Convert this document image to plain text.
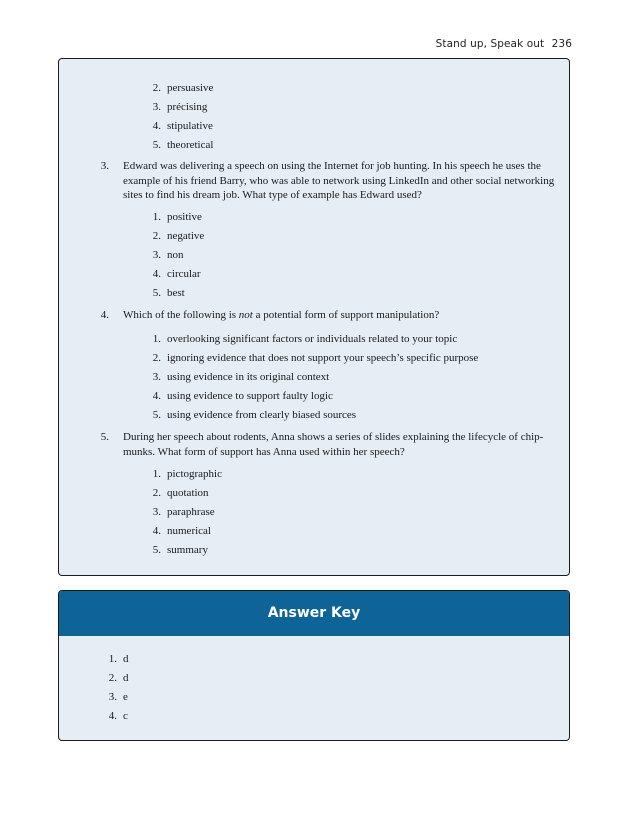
Stand up, Speak out 236
2. persuasive
3. précising
4. stipulative
5. theoretical
3. Edward was delivering a speech on using the Internet for job hunting. In his speech he uses the example of his friend Barry, who was able to network using LinkedIn and other social networking sites to find his dream job. What type of example has Edward used?
1. positive
2. negative
3. non
4. circular
5. best
4. Which of the following is not a potential form of support manipulation?
1. overlooking significant factors or individuals related to your topic
2. ignoring evidence that does not support your speech’s specific purpose
3. using evidence in its original context
4. using evidence to support faulty logic
5. using evidence from clearly biased sources
5. During her speech about rodents, Anna shows a series of slides explaining the lifecycle of chip-munks. What form of support has Anna used within her speech?
1. pictographic
2. quotation
3. paraphrase
4. numerical
5. summary
Answer Key
1. d
2. d
3. e
4. c
